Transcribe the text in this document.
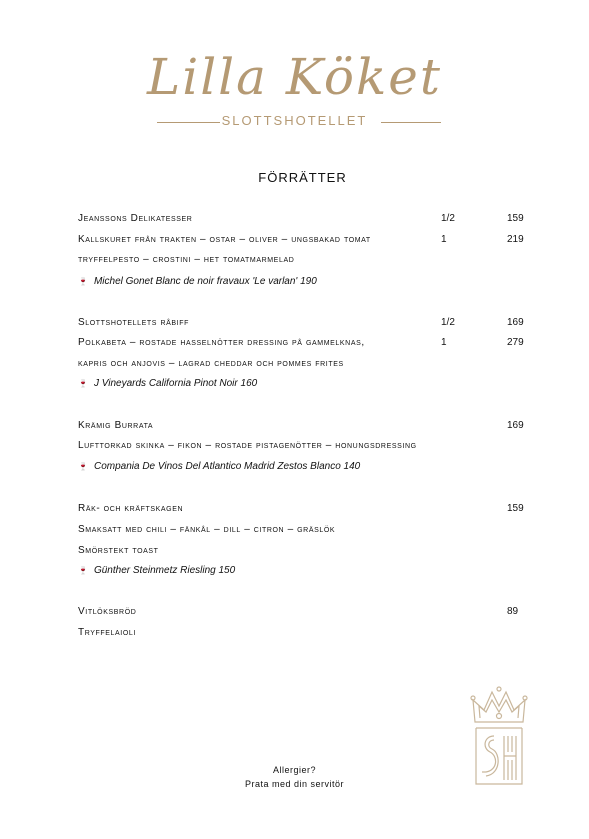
Lilla Köket
SLOTTSHOTELLET
FÖRRÄTTER
Jeanssons Delikatesser	1/2	159
Kallskuret från trakten – ostar – oliver – ungsbakad tomat	1	219
tryffelpesto – crostini – het tomatmarmelad
🍷 Michel Gonet Blanc de noir fravaux 'Le varlan' 190
Slottshotellets råbiff	1/2	169
Polkabeta – rostade hasselnötter dressing på gammelknas,	1	279
kapris och anjovis – lagrad cheddar och pommes frites
🍷 J Vineyards California Pinot Noir 160
Krämig Burrata	169
Lufttorkad skinka – fikon – rostade pistagenötter – honungsdressing
🍷 Compania De Vinos Del Atlantico Madrid Zestos Blanco 140
Räk- och kräftskagen	159
Smaksatt med chili – fänkål – dill – citron – gräslök
Smörstekt toast
🍷 Günther Steinmetz Riesling 150
Vitlöksbröd	89
Tryffelaioli
Allergier?
Prata med din servitör
